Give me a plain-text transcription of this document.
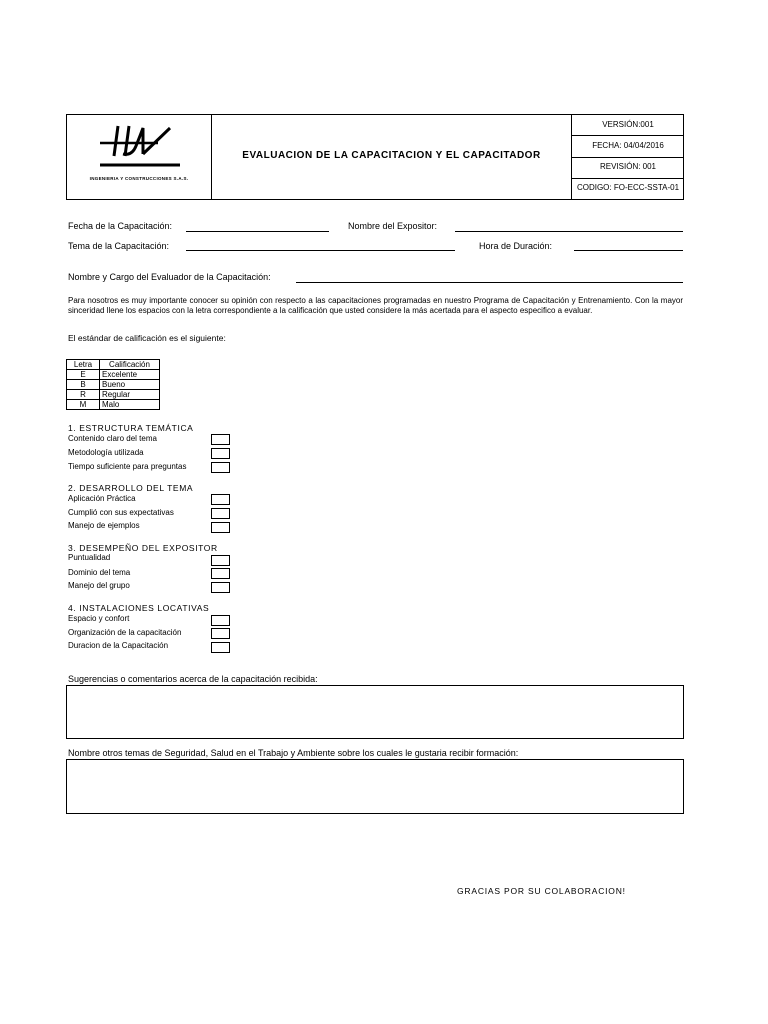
INGENIERIA Y CONSTRUCCIONES S.A.S.
EVALUACION DE LA CAPACITACION Y EL CAPACITADOR
VERSIÓN:001
FECHA: 04/04/2016
REVISIÓN: 001
CODIGO: FO-ECC-SSTA-01
Fecha de la Capacitación:	Nombre del Expositor:
Tema de la Capacitación:	Hora de Duración:
Nombre y Cargo del Evaluador de la Capacitación:
Para nosotros es muy importante conocer su opinión con respecto a las capacitaciones programadas en nuestro Programa de Capacitación y Entrenamiento. Con la mayor sinceridad llene los espacios con la letra correspondiente a la calificación que usted considere la más acertada para el aspecto especifico a evaluar.
El estándar de calificación es el siguiente:
Letra	Calificación
E	Excelente
B	Bueno
R	Regular
M	Malo
1. ESTRUCTURA TEMÁTICA
Contenido claro del tema
Metodología utilizada
Tiempo suficiente para preguntas
2. DESARROLLO DEL TEMA
Aplicación Práctica
Cumplió con sus expectativas
Manejo de ejemplos
3. DESEMPEÑO DEL EXPOSITOR
Puntualidad
Dominio del tema
Manejo del grupo
4. INSTALACIONES LOCATIVAS
Espacio y confort
Organización de la capacitación
Duracion de la Capacitación
Sugerencias o comentarios acerca de la capacitación recibida:
Nombre otros temas de Seguridad, Salud en el Trabajo y Ambiente sobre los cuales le gustaria recibir formación:
GRACIAS POR SU COLABORACION!
